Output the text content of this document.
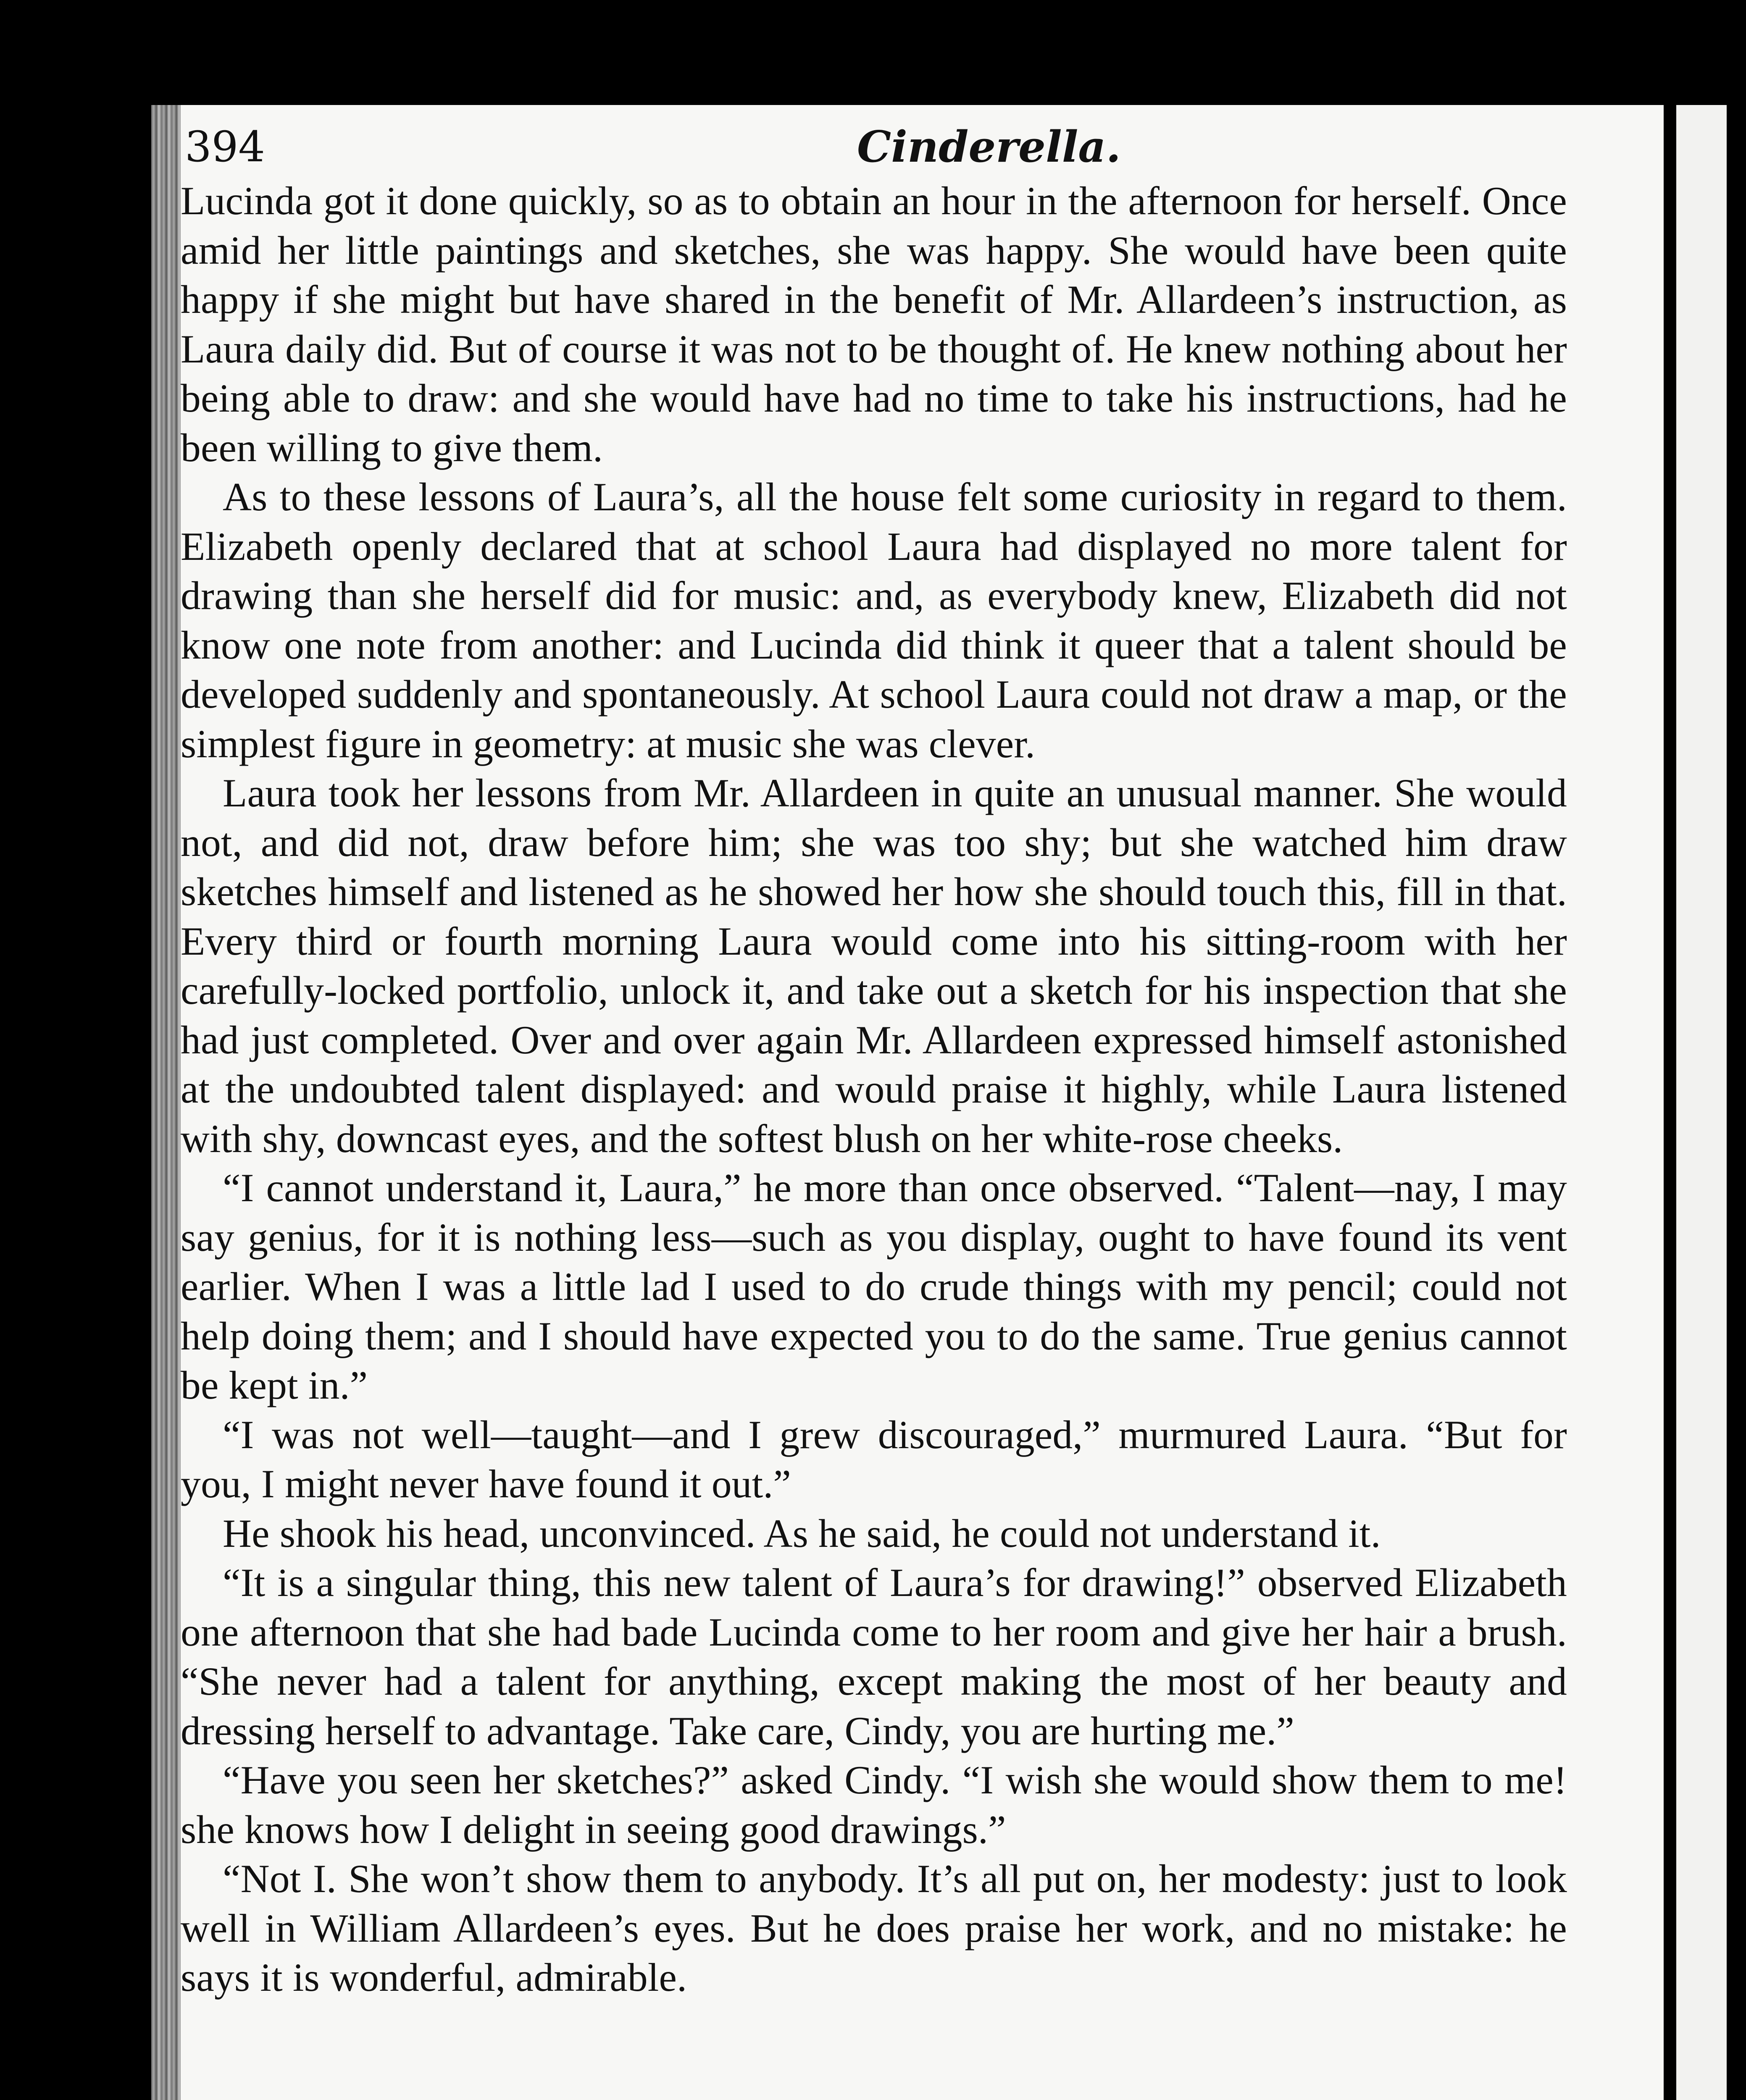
394	Cinderella.

Lucinda got it done quickly, so as to obtain an hour in the afternoon for herself. Once amid her little paintings and sketches, she was happy. She would have been quite happy if she might but have shared in the benefit of Mr. Allardeen’s instruction, as Laura daily did. But of course it was not to be thought of. He knew nothing about her being able to draw: and she would have had no time to take his instructions, had he been willing to give them.

As to these lessons of Laura’s, all the house felt some curiosity in regard to them. Elizabeth openly declared that at school Laura had displayed no more talent for drawing than she herself did for music: and, as everybody knew, Elizabeth did not know one note from another: and Lucinda did think it queer that a talent should be developed suddenly and spontaneously. At school Laura could not draw a map, or the simplest figure in geometry: at music she was clever.

Laura took her lessons from Mr. Allardeen in quite an unusual manner. She would not, and did not, draw before him; she was too shy; but she watched him draw sketches himself and listened as he showed her how she should touch this, fill in that. Every third or fourth morning Laura would come into his sitting-room with her carefully-locked portfolio, unlock it, and take out a sketch for his inspection that she had just completed. Over and over again Mr. Allardeen expressed himself astonished at the undoubted talent displayed: and would praise it highly, while Laura listened with shy, downcast eyes, and the softest blush on her white-rose cheeks.

“I cannot understand it, Laura,” he more than once observed. “Talent—nay, I may say genius, for it is nothing less—such as you display, ought to have found its vent earlier. When I was a little lad I used to do crude things with my pencil; could not help doing them; and I should have expected you to do the same. True genius cannot be kept in.”

“I was not well—taught—and I grew discouraged,” murmured Laura. “But for you, I might never have found it out.”

He shook his head, unconvinced. As he said, he could not understand it.

“It is a singular thing, this new talent of Laura’s for drawing!” observed Elizabeth one afternoon that she had bade Lucinda come to her room and give her hair a brush. “She never had a talent for anything, except making the most of her beauty and dressing herself to advantage. Take care, Cindy, you are hurting me.”

“Have you seen her sketches?” asked Cindy. “I wish she would show them to me! she knows how I delight in seeing good drawings.”

“Not I. She won’t show them to anybody. It’s all put on, her modesty: just to look well in William Allardeen’s eyes. But he does praise her work, and no mistake: he says it is wonderful, admirable.
